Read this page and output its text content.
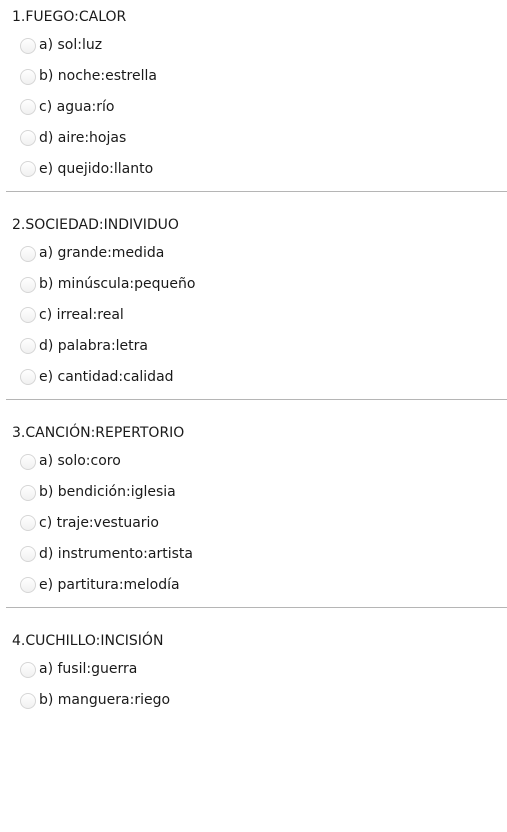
1.FUEGO:CALOR
a) sol:luz
b) noche:estrella
c) agua:río
d) aire:hojas
e) quejido:llanto
2.SOCIEDAD:INDIVIDUO
a) grande:medida
b) minúscula:pequeño
c) irreal:real
d) palabra:letra
e) cantidad:calidad
3.CANCIÓN:REPERTORIO
a) solo:coro
b) bendición:iglesia
c) traje:vestuario
d) instrumento:artista
e) partitura:melodía
4.CUCHILLO:INCISIÓN
a) fusil:guerra
b) manguera:riego
